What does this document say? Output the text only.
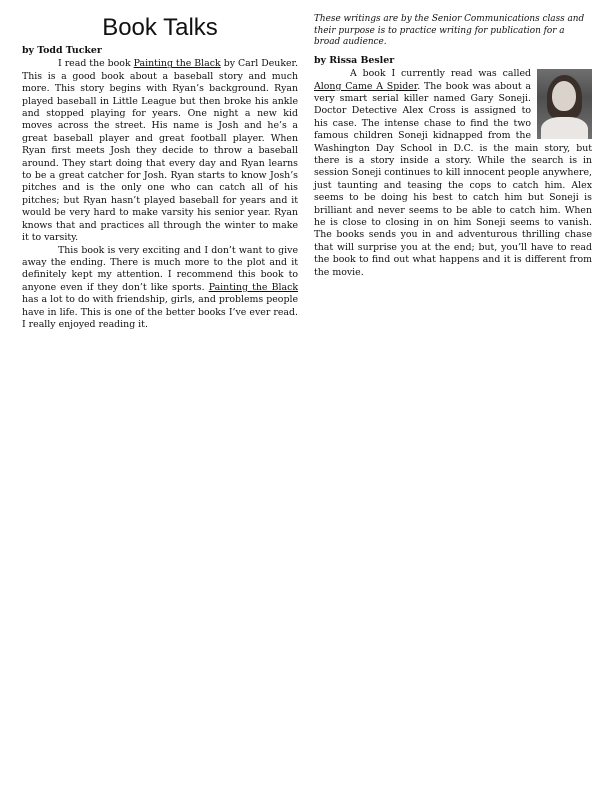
Book Talks
by Todd Tucker

I read the book Painting the Black by Carl Deuker. This is a good book about a baseball story and much more. This story begins with Ryan’s background. Ryan played baseball in Little League but then broke his ankle and stopped playing for years. One night a new kid moves across the street. His name is Josh and he’s a great baseball player and great football player. When Ryan first meets Josh they decide to throw a baseball around. They start doing that every day and Ryan learns to be a great catcher for Josh. Ryan starts to know Josh’s pitches and is the only one who can catch all of his pitches; but Ryan hasn’t played baseball for years and it would be very hard to make varsity his senior year. Ryan knows that and practices all through the winter to make it to varsity.

This book is very exciting and I don’t want to give away the ending. There is much more to the plot and it definitely kept my attention. I recommend this book to anyone even if they don’t like sports. Painting the Black has a lot to do with friendship, girls, and problems people have in life. This is one of the better books I’ve ever read. I really enjoyed reading it.

These writings are by the Senior Communications class and their purpose is to practice writing for publication for a broad audience.
by Rissa Besler

A book I currently read was called Along Came A Spider. The book was about a very smart serial killer named Gary Soneji. Doctor Detective Alex Cross is assigned to his case. The intense chase to find the two famous children Soneji kidnapped from the Washington Day School in D.C. is the main story, but there is a story inside a story. While the search is in session Soneji continues to kill innocent people anywhere, just taunting and teasing the cops to catch him. Alex seems to be doing his best to catch him but Soneji is brilliant and never seems to be able to catch him. When he is close to closing in on him Soneji seems to vanish. The books sends you in and adventurous thrilling chase that will surprise you at the end; but, you’ll have to read the book to find out what happens and it is different from the movie.
